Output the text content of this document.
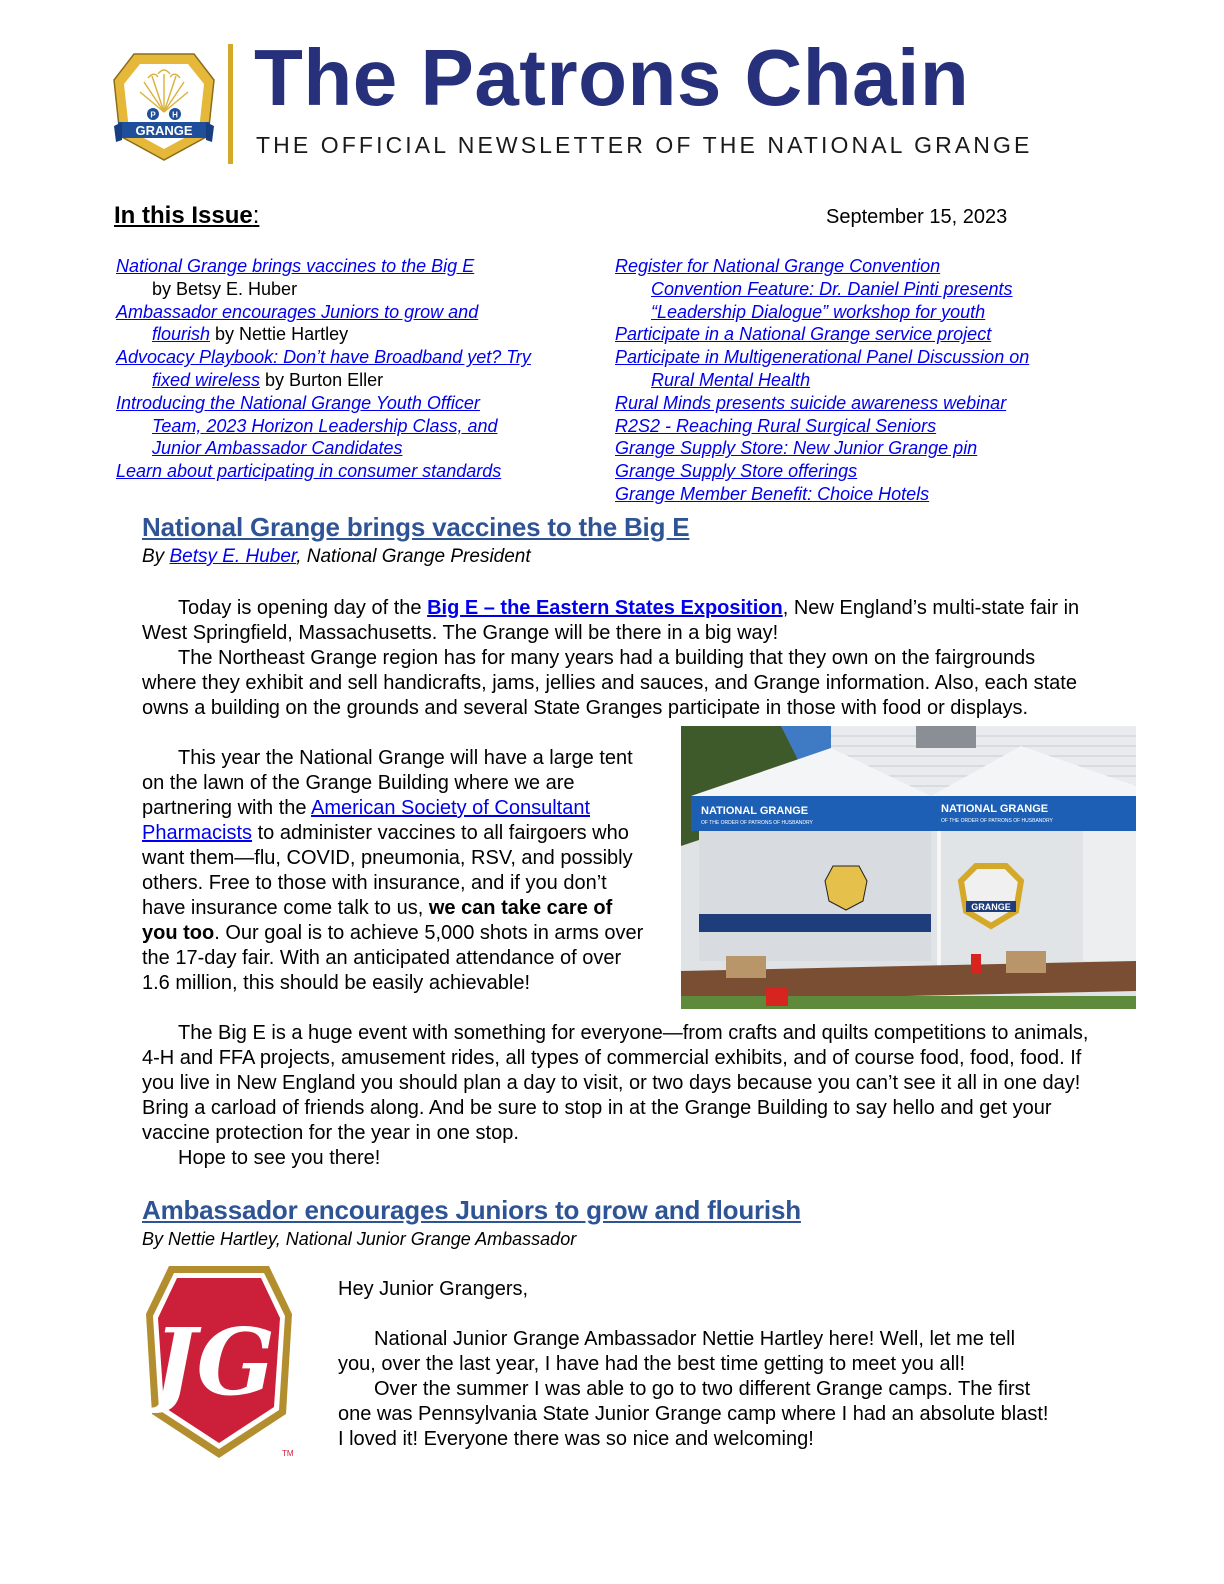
P H
GRANGE
The Patrons Chain
THE OFFICIAL NEWSLETTER OF THE NATIONAL GRANGE
In this Issue:	September 15, 2023
National Grange brings vaccines to the Big E
by Betsy E. Huber
Ambassador encourages Juniors to grow and
flourish by Nettie Hartley
Advocacy Playbook: Don’t have Broadband yet? Try
fixed wireless by Burton Eller
Introducing the National Grange Youth Officer
Team, 2023 Horizon Leadership Class, and
Junior Ambassador Candidates
Learn about participating in consumer standards
Register for National Grange Convention
Convention Feature: Dr. Daniel Pinti presents
“Leadership Dialogue” workshop for youth
Participate in a National Grange service project
Participate in Multigenerational Panel Discussion on
Rural Mental Health
Rural Minds presents suicide awareness webinar
R2S2 - Reaching Rural Surgical Seniors
Grange Supply Store: New Junior Grange pin
Grange Supply Store offerings
Grange Member Benefit: Choice Hotels
National Grange brings vaccines to the Big E
By Betsy E. Huber, National Grange President

Today is opening day of the Big E – the Eastern States Exposition, New England’s multi-state fair in West Springfield, Massachusetts. The Grange will be there in a big way!

The Northeast Grange region has for many years had a building that they own on the fairgrounds where they exhibit and sell handicrafts, jams, jellies and sauces, and Grange information. Also, each state owns a building on the grounds and several State Granges participate in those with food or displays.

This year the National Grange will have a large tent on the lawn of the Grange Building where we are partnering with the American Society of Consultant Pharmacists to administer vaccines to all fairgoers who want them—flu, COVID, pneumonia, RSV, and possibly others. Free to those with insurance, and if you don’t have insurance come talk to us, we can take care of you too. Our goal is to achieve 5,000 shots in arms over the 17-day fair. With an anticipated attendance of over 1.6 million, this should be easily achievable!

NATIONAL GRANGE
OF THE ORDER OF PATRONS OF HUSBANDRY
NATIONAL GRANGE
OF THE ORDER OF PATRONS OF HUSBANDRY
GRANGE

The Big E is a huge event with something for everyone—from crafts and quilts competitions to animals, 4-H and FFA projects, amusement rides, all types of commercial exhibits, and of course food, food, food. If you live in New England you should plan a day to visit, or two days because you can’t see it all in one day! Bring a carload of friends along. And be sure to stop in at the Grange Building to say hello and get your vaccine protection for the year in one stop.

Hope to see you there!

Ambassador encourages Juniors to grow and flourish
By Nettie Hartley, National Junior Grange Ambassador
JG
TM

Hey Junior Grangers,

National Junior Grange Ambassador Nettie Hartley here! Well, let me tell you, over the last year, I have had the best time getting to meet you all!

Over the summer I was able to go to two different Grange camps. The first one was Pennsylvania State Junior Grange camp where I had an absolute blast! I loved it! Everyone there was so nice and welcoming!
